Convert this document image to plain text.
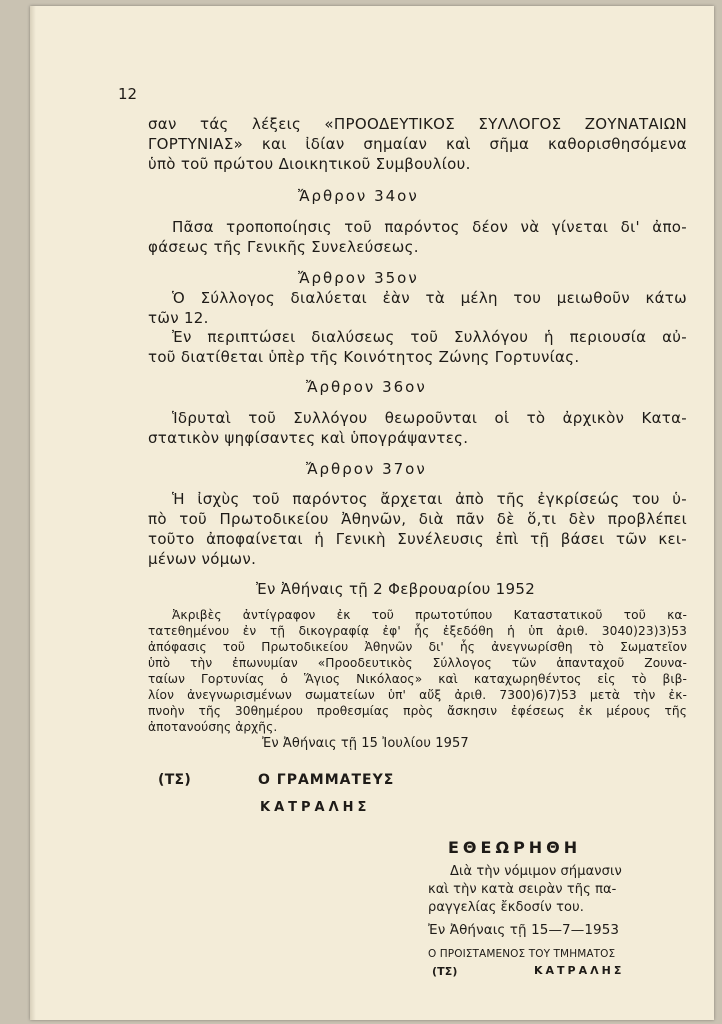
12
σαν τάς λέξεις «ΠΡΟΟΔΕΥΤΙΚΟΣ ΣΥΛΛΟΓΟΣ ΖΟΥΝΑΤΑΙΩΝ
ΓΟΡΤΥΝΙΑΣ» και ἰδίαν σημαίαν καὶ σῆμα καθορισθησόμενα
ὑπὸ τοῦ πρώτου Διοικητικοῦ Συμβουλίου.
Ἄρθρον 34ον
Πᾶσα τροποποίησις τοῦ παρόντος δέον νὰ γίνεται δι' ἀπο-
φάσεως τῆς Γενικῆς Συνελεύσεως.
Ἄρθρον 35ον
Ὁ Σύλλογος διαλύεται ἐὰν τὰ μέλη του μειωθοῦν κάτω
τῶν 12.
Ἐν περιπτώσει διαλύσεως τοῦ Συλλόγου ἡ περιουσία αὐ-
τοῦ διατίθεται ὑπὲρ τῆς Κοινότητος Ζώνης Γορτυνίας.
Ἄρθρον 36ον
Ἱδρυταὶ τοῦ Συλλόγου θεωροῦνται οἱ τὸ ἀρχικὸν Κατα-
στατικὸν ψηφίσαντες καὶ ὑπογράψαντες.
Ἄρθρον 37ον
Ἡ ἰσχὺς τοῦ παρόντος ἄρχεται ἀπὸ τῆς ἐγκρίσεώς του ὑ-
πὸ τοῦ Πρωτοδικείου Ἀθηνῶν, διὰ πᾶν δὲ ὅ,τι δὲν προβλέπει
τοῦτο ἀποφαίνεται ἡ Γενικὴ Συνέλευσις ἐπὶ τῇ βάσει τῶν κει-
μένων νόμων.
Ἐν Ἀθήναις τῇ 2 Φεβρουαρίου 1952
Ἀκριβὲς ἀντίγραφον ἐκ τοῦ πρωτοτύπου Καταστατικοῦ τοῦ κα-
τατεθημένου ἐν τῇ δικογραφίᾳ ἐφ' ἧς ἐξεδόθη ἡ ὑπ ἀριθ. 3040)23)3)53
ἀπόφασις τοῦ Πρωτοδικείου Ἀθηνῶν δι' ἧς ἀνεγνωρίσθη τὸ Σωματεῖον
ὑπὸ τὴν ἐπωνυμίαν «Προοδευτικὸς Σύλλογος τῶν ἁπανταχοῦ Ζουνα-
ταίων Γορτυνίας ὁ Ἅγιος Νικόλαος» καὶ καταχωρηθέντος εἰς τὸ βιβ-
λίον ἀνεγνωρισμένων σωματείων ὑπ' αὔξ ἀριθ. 7300)6)7)53 μετὰ τὴν ἐκ-
πνοὴν τῆς 30θημέρου προθεσμίας πρὸς ἄσκησιν ἐφέσεως ἐκ μέρους τῆς
ἀποτανούσης ἀρχῆς.
Ἐν Ἀθήναις τῇ 15 Ἰουλίου 1957
(ΤΣ)	Ο ΓΡΑΜΜΑΤΕΥΣ
ΚΑΤΡΑΛΗΣ
ΕΘΕΩΡΗΘΗ
Διὰ τὴν νόμιμον σήμανσιν
καὶ τὴν κατὰ σειρὰν τῆς πα-
ραγγελίας ἔκδοσίν του.
Ἐν Ἀθήναις τῇ 15—7—1953
Ο ΠΡΟΙΣΤΑΜΕΝΟΣ ΤΟΥ ΤΜΗΜΑΤΟΣ
(ΤΣ)	ΚΑΤΡΑΛΗΣ
